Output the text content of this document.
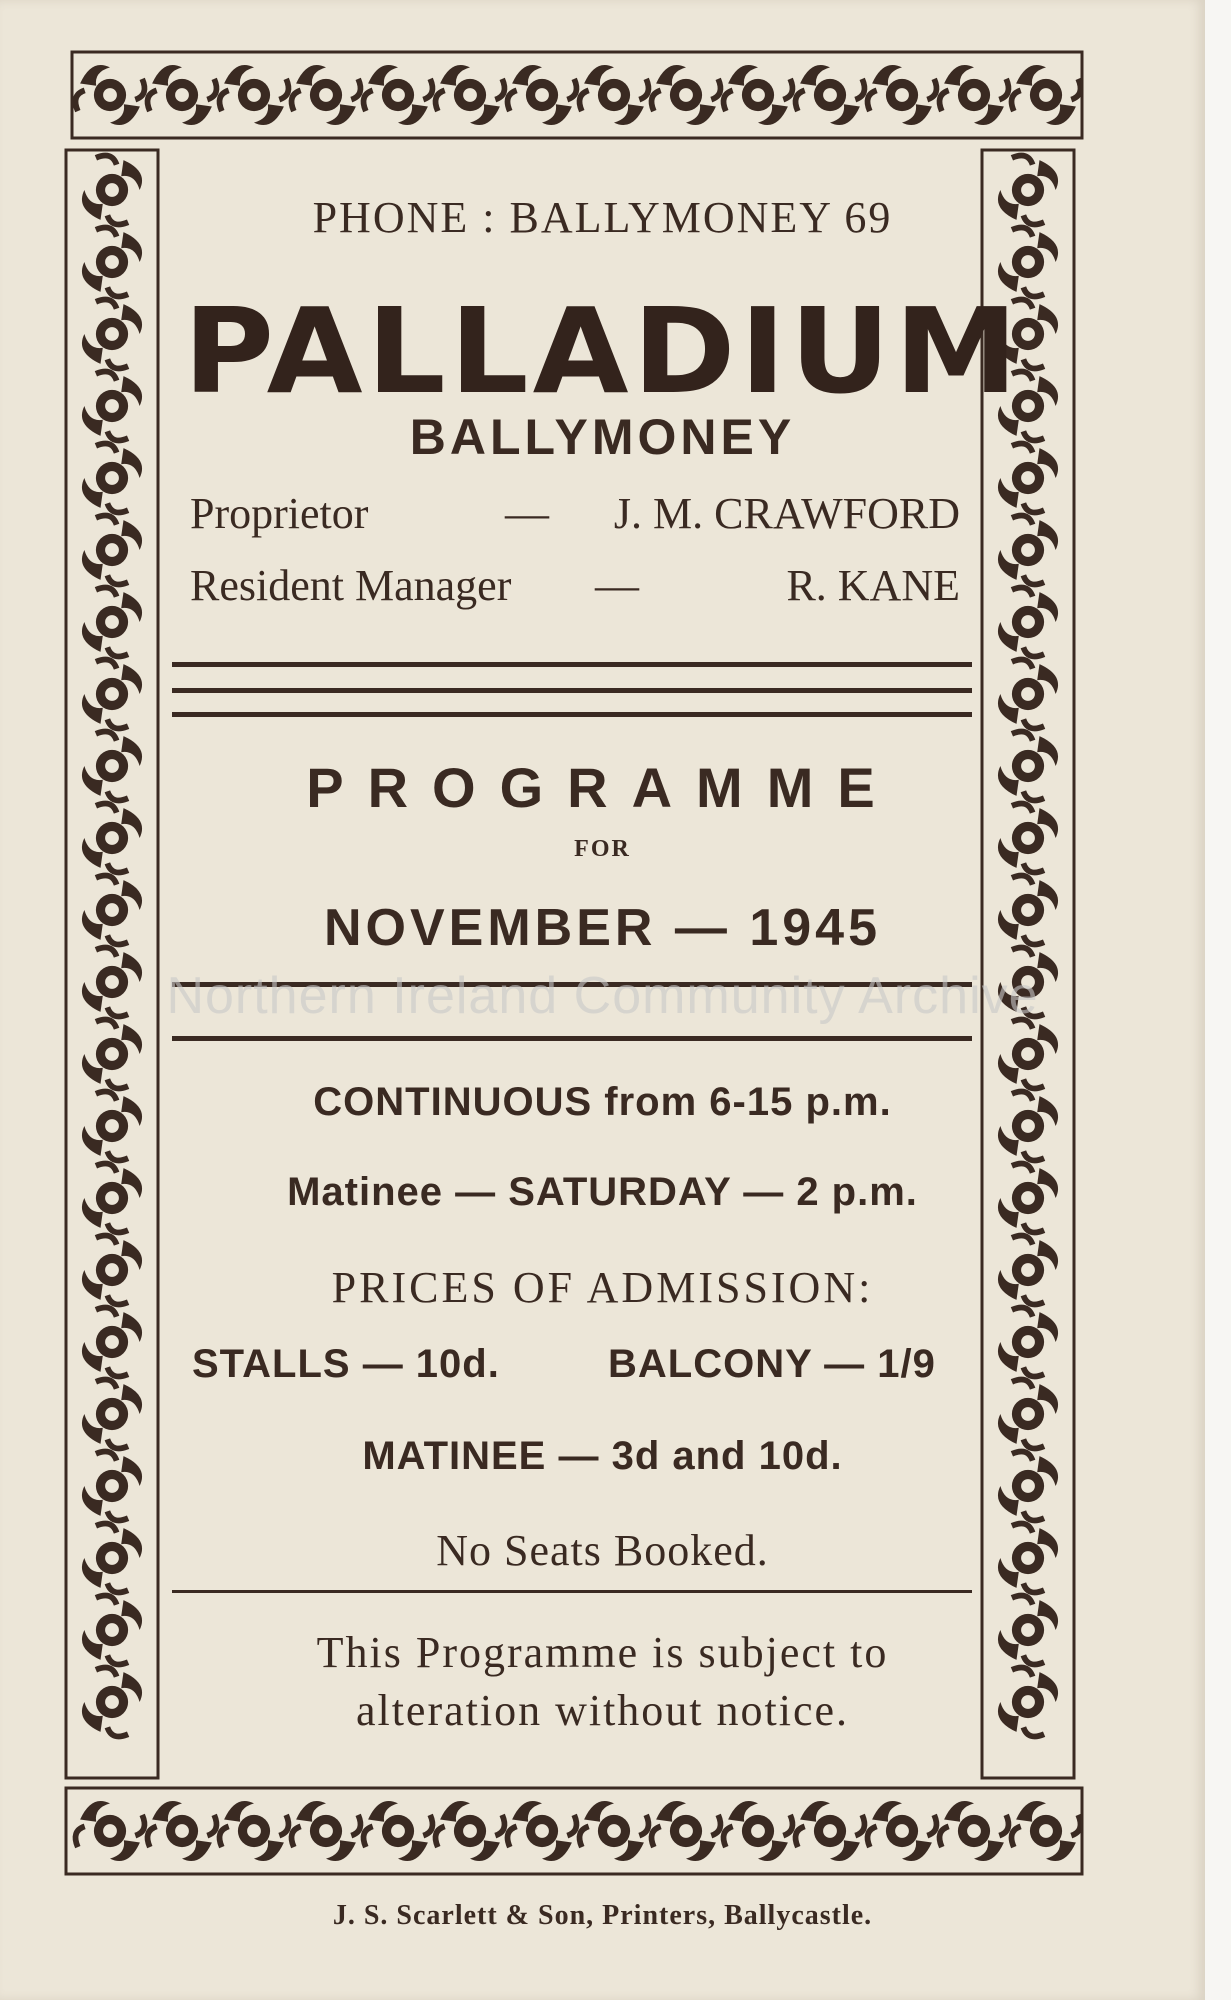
PHONE : BALLYMONEY 69
PALLADIUM
BALLYMONEY
Proprietor	— J. M. CRAWFORD
Resident Manager —	R. KANE
PROGRAMME
FOR
NOVEMBER — 1945
Northern Ireland Community Archive
CONTINUOUS from 6-15 p.m.
Matinee — SATURDAY — 2 p.m.
PRICES OF ADMISSION:
STALLS — 10d.	BALCONY — 1/9
MATINEE — 3d and 10d.
No Seats Booked.
This Programme is subject to
alteration without notice.
J. S. Scarlett & Son, Printers, Ballycastle.
